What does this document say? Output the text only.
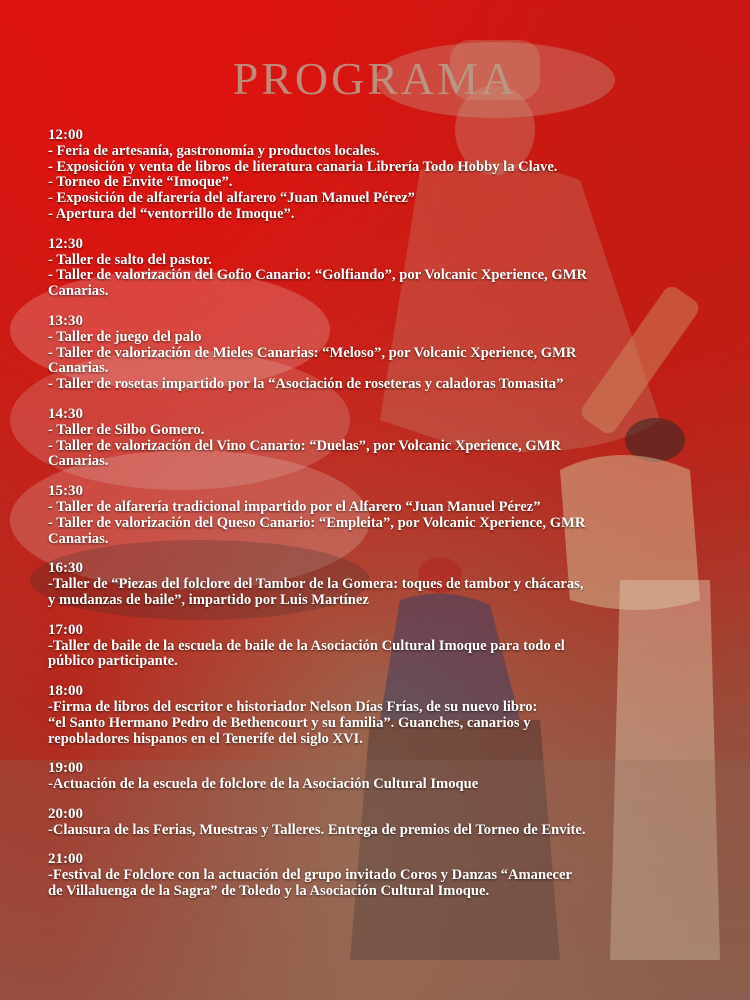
PROGRAMA
12:00
- Feria de artesanía, gastronomía y productos locales.
- Exposición y venta de libros de literatura canaria Librería Todo Hobby la Clave.
- Torneo de Envite “Imoque”.
- Exposición de alfarería del alfarero “Juan Manuel Pérez”
- Apertura del “ventorrillo de Imoque”.
12:30
- Taller de salto del pastor.
- Taller de valorización del Gofio Canario: “Golfiando”, por Volcanic Xperience, GMR
Canarias.
13:30
- Taller de juego del palo
- Taller de valorización de Mieles Canarias: “Meloso”, por Volcanic Xperience, GMR
Canarias.
- Taller de rosetas impartido por la “Asociación de roseteras y caladoras Tomasita”
14:30
- Taller de Silbo Gomero.
- Taller de valorización del Vino Canario: “Duelas”, por Volcanic Xperience, GMR
Canarias.
15:30
- Taller de alfarería tradicional impartido por el Alfarero “Juan Manuel Pérez”
- Taller de valorización del Queso Canario: “Empleita”, por Volcanic Xperience, GMR
Canarias.
16:30
-Taller de “Piezas del folclore del Tambor de la Gomera: toques de tambor y chácaras,
y mudanzas de baile”, impartido por Luis Martínez
17:00
-Taller de baile de la escuela de baile de la Asociación Cultural Imoque para todo el
público participante.
18:00
-Firma de libros del escritor e historiador Nelson Días Frías, de su nuevo libro:
“el Santo Hermano Pedro de Bethencourt y su familia”. Guanches, canarios y
repobladores hispanos en el Tenerife del siglo XVI.
19:00
-Actuación de la escuela de folclore de la Asociación Cultural Imoque
20:00
-Clausura de las Ferias, Muestras y Talleres. Entrega de premios del Torneo de Envite.
21:00
-Festival de Folclore con la actuación del grupo invitado Coros y Danzas “Amanecer
de Villaluenga de la Sagra” de Toledo y la Asociación Cultural Imoque.
